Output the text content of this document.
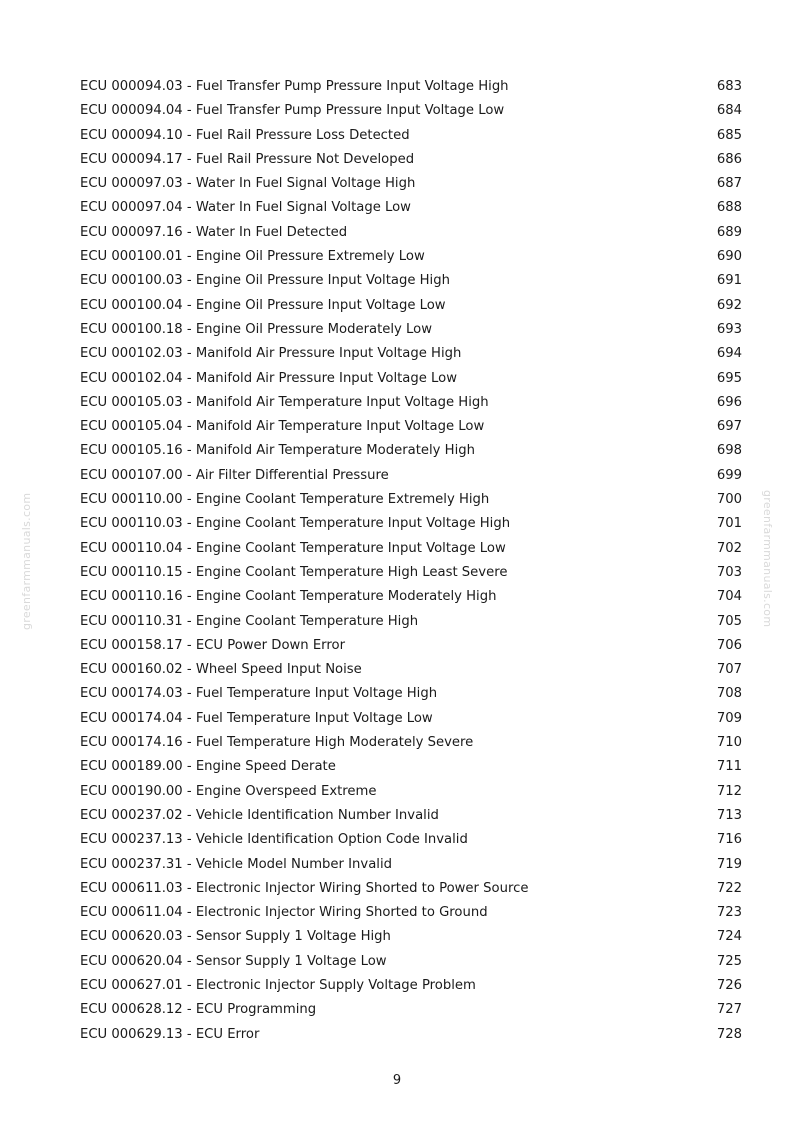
greenfarmmanuals.com	greenfarmmanuals.com
ECU 000094.03 - Fuel Transfer Pump Pressure Input Voltage High	683
ECU 000094.04 - Fuel Transfer Pump Pressure Input Voltage Low	684
ECU 000094.10 - Fuel Rail Pressure Loss Detected	685
ECU 000094.17 - Fuel Rail Pressure Not Developed	686
ECU 000097.03 - Water In Fuel Signal Voltage High	687
ECU 000097.04 - Water In Fuel Signal Voltage Low	688
ECU 000097.16 - Water In Fuel Detected	689
ECU 000100.01 - Engine Oil Pressure Extremely Low	690
ECU 000100.03 - Engine Oil Pressure Input Voltage High	691
ECU 000100.04 - Engine Oil Pressure Input Voltage Low	692
ECU 000100.18 - Engine Oil Pressure Moderately Low	693
ECU 000102.03 - Manifold Air Pressure Input Voltage High	694
ECU 000102.04 - Manifold Air Pressure Input Voltage Low	695
ECU 000105.03 - Manifold Air Temperature Input Voltage High	696
ECU 000105.04 - Manifold Air Temperature Input Voltage Low	697
ECU 000105.16 - Manifold Air Temperature Moderately High	698
ECU 000107.00 - Air Filter Differential Pressure	699
ECU 000110.00 - Engine Coolant Temperature Extremely High	700
ECU 000110.03 - Engine Coolant Temperature Input Voltage High	701
ECU 000110.04 - Engine Coolant Temperature Input Voltage Low	702
ECU 000110.15 - Engine Coolant Temperature High Least Severe	703
ECU 000110.16 - Engine Coolant Temperature Moderately High	704
ECU 000110.31 - Engine Coolant Temperature High	705
ECU 000158.17 - ECU Power Down Error	706
ECU 000160.02 - Wheel Speed Input Noise	707
ECU 000174.03 - Fuel Temperature Input Voltage High	708
ECU 000174.04 - Fuel Temperature Input Voltage Low	709
ECU 000174.16 - Fuel Temperature High Moderately Severe	710
ECU 000189.00 - Engine Speed Derate	711
ECU 000190.00 - Engine Overspeed Extreme	712
ECU 000237.02 - Vehicle Identification Number Invalid	713
ECU 000237.13 - Vehicle Identification Option Code Invalid	716
ECU 000237.31 - Vehicle Model Number Invalid	719
ECU 000611.03 - Electronic Injector Wiring Shorted to Power Source	722
ECU 000611.04 - Electronic Injector Wiring Shorted to Ground	723
ECU 000620.03 - Sensor Supply 1 Voltage High	724
ECU 000620.04 - Sensor Supply 1 Voltage Low	725
ECU 000627.01 - Electronic Injector Supply Voltage Problem	726
ECU 000628.12 - ECU Programming	727
ECU 000629.13 - ECU Error	728
9
